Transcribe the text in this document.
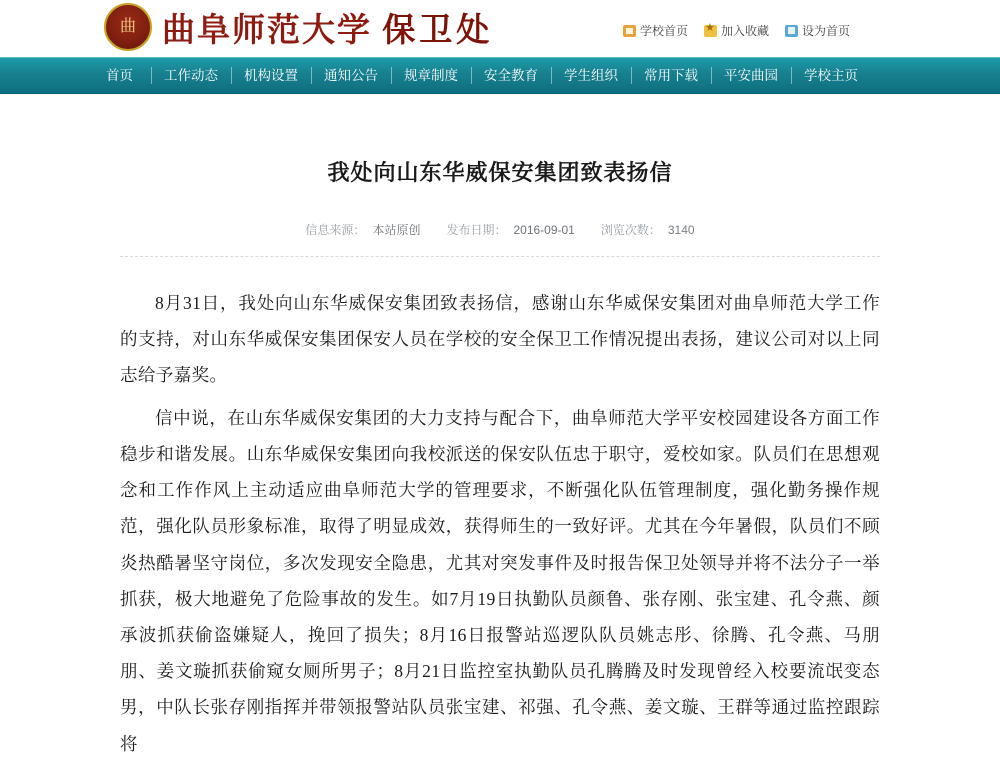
曲 曲阜师范大学 保卫处	学校首页 ★	加入收藏	设为首页
首页	工作动态	机构设置	通知公告	规章制度	安全教育	学生组织	常用下载	平安曲园	学校主页
我处向山东华威保安集团致表扬信
信息来源： 本站原创 发布日期： 2016-09-01 浏览次数： 3140

8月31日，我处向山东华威保安集团致表扬信，感谢山东华威保安集团对曲阜师范大学工作的支持，对山东华威保安集团保安人员在学校的安全保卫工作情况提出表扬，建议公司对以上同志给予嘉奖。

信中说，在山东华威保安集团的大力支持与配合下，曲阜师范大学平安校园建设各方面工作稳步和谐发展。山东华威保安集团向我校派送的保安队伍忠于职守，爱校如家。队员们在思想观念和工作作风上主动适应曲阜师范大学的管理要求，不断强化队伍管理制度，强化勤务操作规范，强化队员形象标准，取得了明显成效，获得师生的一致好评。尤其在今年暑假，队员们不顾炎热酷暑坚守岗位，多次发现安全隐患，尤其对突发事件及时报告保卫处领导并将不法分子一举抓获，极大地避免了危险事故的发生。如7月19日执勤队员颜鲁、张存刚、张宝建、孔令燕、颜承波抓获偷盗嫌疑人，挽回了损失；8月16日报警站巡逻队队员姚志彤、徐腾、孔令燕、马朋朋、姜文璇抓获偷窥女厕所男子；8月21日监控室执勤队员孔腾腾及时发现曾经入校要流氓变态男，中队长张存刚指挥并带领报警站队员张宝建、祁强、孔令燕、姜文璇、王群等通过监控跟踪将
